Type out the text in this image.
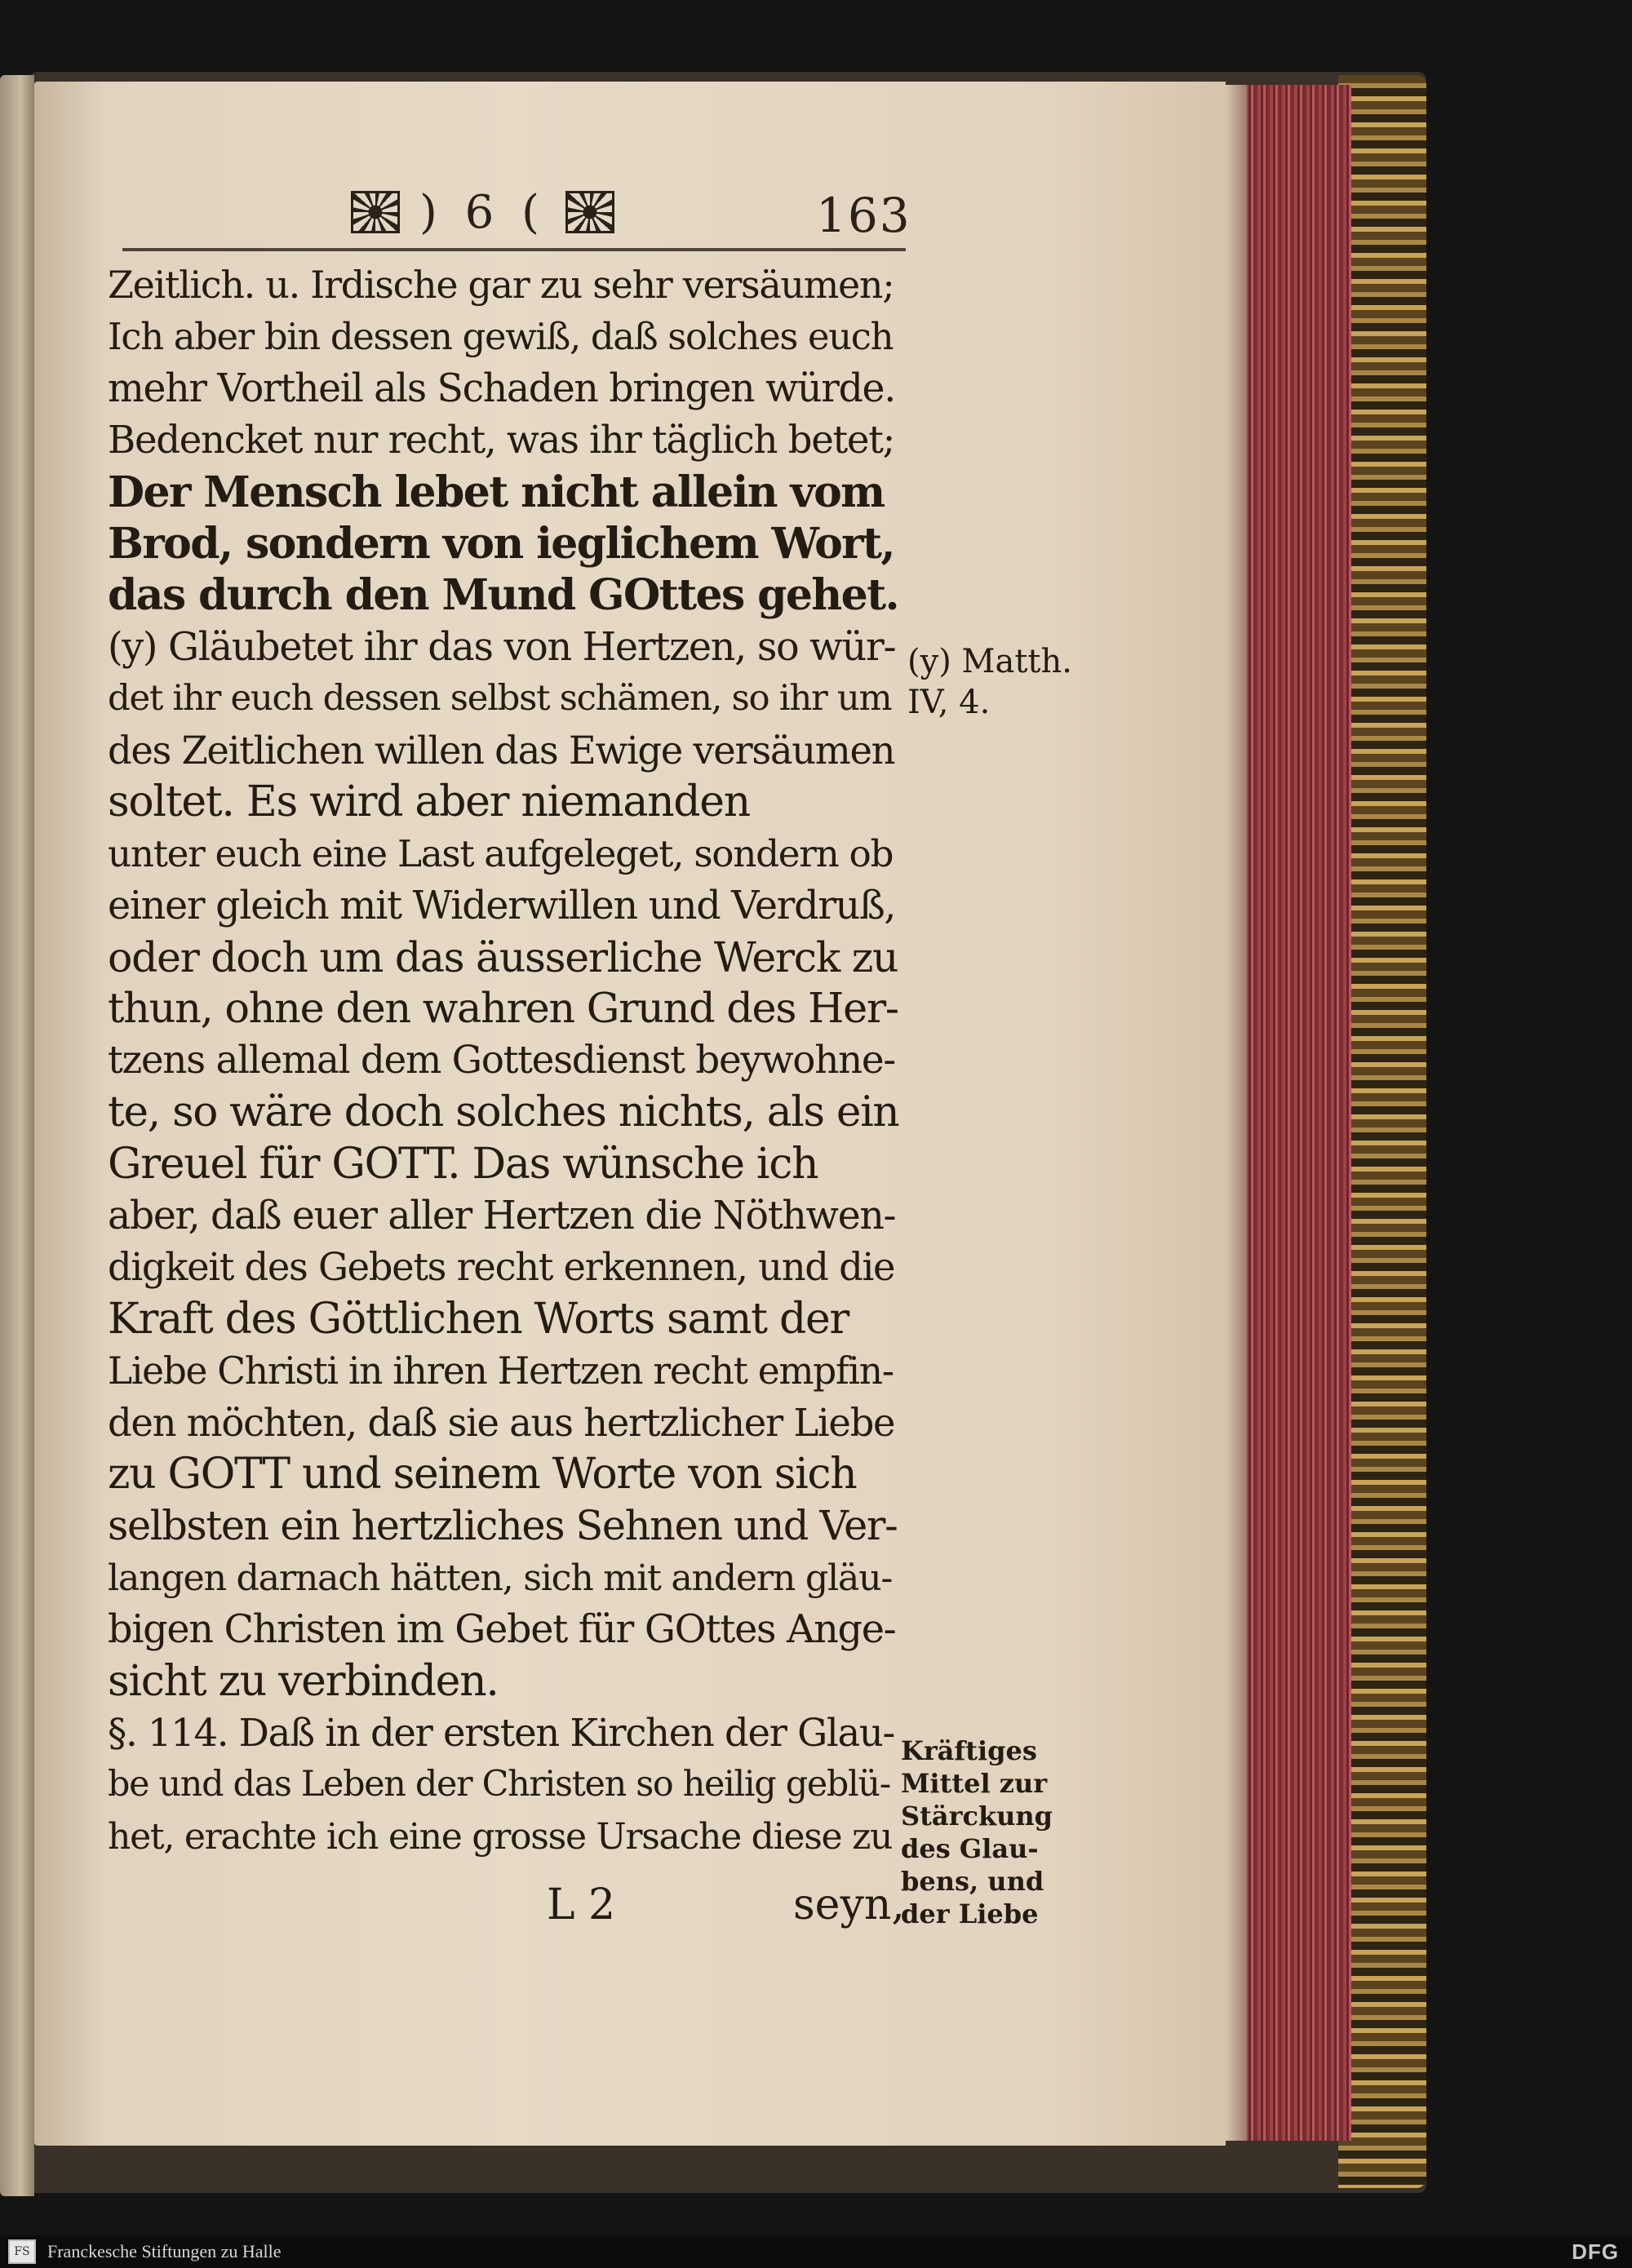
) 6 (	163
Zeitlich. u. Irdische gar zu sehr versäumen;
Ich aber bin dessen gewiß, daß solches euch
mehr Vortheil als Schaden bringen würde.
Bedencket nur recht, was ihr täglich betet;
Der Mensch lebet nicht allein vom
Brod, sondern von ieglichem Wort,
das durch den Mund GOttes gehet.
(y) Gläubetet ihr das von Hertzen, so wür-
det ihr euch dessen selbst schämen, so ihr um
des Zeitlichen willen das Ewige versäumen
soltet. Es wird aber niemanden
unter euch eine Last aufgeleget, sondern ob
einer gleich mit Widerwillen und Verdruß,
oder doch um das äusserliche Werck zu
thun, ohne den wahren Grund des Her-
tzens allemal dem Gottesdienst beywohne-
te, so wäre doch solches nichts, als ein
Greuel für GOTT. Das wünsche ich
aber, daß euer aller Hertzen die Nöthwen-
digkeit des Gebets recht erkennen, und die
Kraft des Göttlichen Worts samt der
Liebe Christi in ihren Hertzen recht empfin-
den möchten, daß sie aus hertzlicher Liebe
zu GOTT und seinem Worte von sich
selbsten ein hertzliches Sehnen und Ver-
langen darnach hätten, sich mit andern gläu-
bigen Christen im Gebet für GOttes Ange-
sicht zu verbinden.
§. 114. Daß in der ersten Kirchen der Glau-
be und das Leben der Christen so heilig geblü-
het, erachte ich eine grosse Ursache diese zu
(y) Matth.
IV, 4.
Kräftiges
Mittel zur
Stärckung
des Glau-
bens, und
der Liebe
L 2	seyn,
FS Franckesche Stiftungen zu Halle	DFG
